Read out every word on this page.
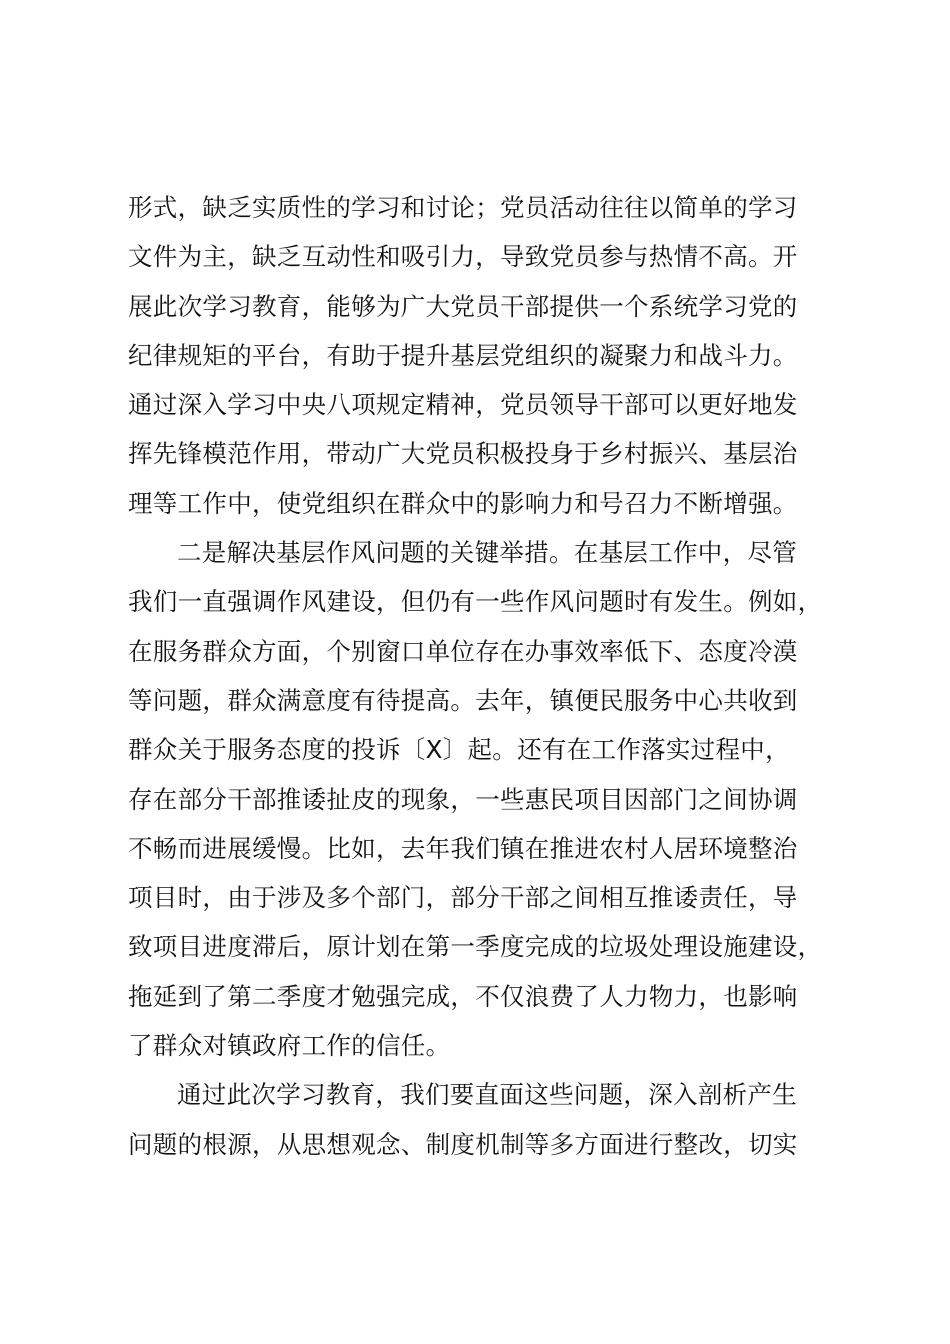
形式，缺乏实质性的学习和讨论；党员活动往往以简单的学习
文件为主，缺乏互动性和吸引力，导致党员参与热情不高。开
展此次学习教育，能够为广大党员干部提供一个系统学习党的
纪律规矩的平台，有助于提升基层党组织的凝聚力和战斗力。
通过深入学习中央八项规定精神，党员领导干部可以更好地发
挥先锋模范作用，带动广大党员积极投身于乡村振兴、基层治
理等工作中，使党组织在群众中的影响力和号召力不断增强。
二是解决基层作风问题的关键举措。在基层工作中，尽管
我们一直强调作风建设，但仍有一些作风问题时有发生。例如，
在服务群众方面，个别窗口单位存在办事效率低下、态度冷漠
等问题，群众满意度有待提高。去年，镇便民服务中心共收到
群众关于服务态度的投诉〔X〕起。还有在工作落实过程中，
存在部分干部推诿扯皮的现象，一些惠民项目因部门之间协调
不畅而进展缓慢。比如，去年我们镇在推进农村人居环境整治
项目时，由于涉及多个部门，部分干部之间相互推诿责任，导
致项目进度滞后，原计划在第一季度完成的垃圾处理设施建设，
拖延到了第二季度才勉强完成，不仅浪费了人力物力，也影响
了群众对镇政府工作的信任。
通过此次学习教育，我们要直面这些问题，深入剖析产生
问题的根源，从思想观念、制度机制等多方面进行整改，切实
